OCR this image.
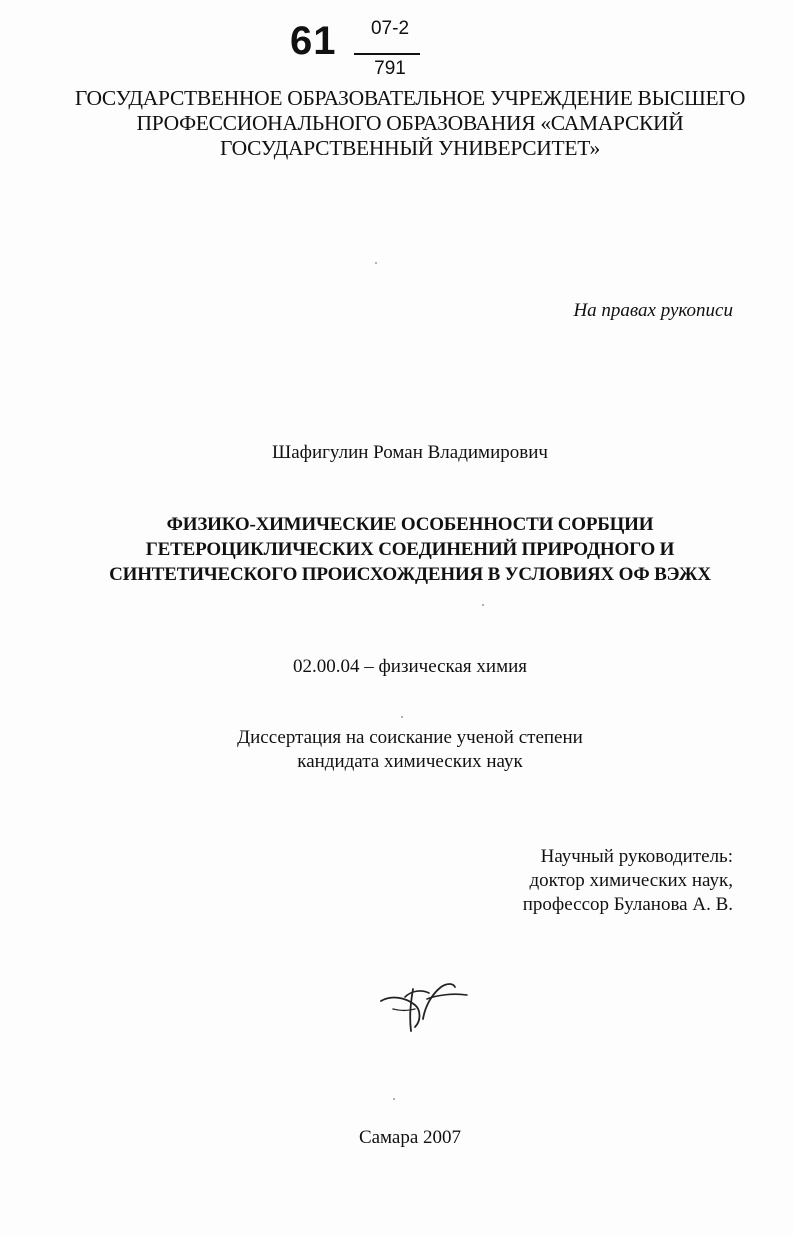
61	07-2
791
ГОСУДАРСТВЕННОЕ ОБРАЗОВАТЕЛЬНОЕ УЧРЕЖДЕНИЕ ВЫСШЕГО
ПРОФЕССИОНАЛЬНОГО ОБРАЗОВАНИЯ «САМАРСКИЙ
ГОСУДАРСТВЕННЫЙ УНИВЕРСИТЕТ»
На правах рукописи
Шафигулин Роман Владимирович
ФИЗИКО-ХИМИЧЕСКИЕ ОСОБЕННОСТИ СОРБЦИИ
ГЕТЕРОЦИКЛИЧЕСКИХ СОЕДИНЕНИЙ ПРИРОДНОГО И
СИНТЕТИЧЕСКОГО ПРОИСХОЖДЕНИЯ В УСЛОВИЯХ ОФ ВЭЖХ
02.00.04 – физическая химия
Диссертация на соискание ученой степени
кандидата химических наук
Научный руководитель:
доктор химических наук,
профессор Буланова А. В.
Самара 2007
